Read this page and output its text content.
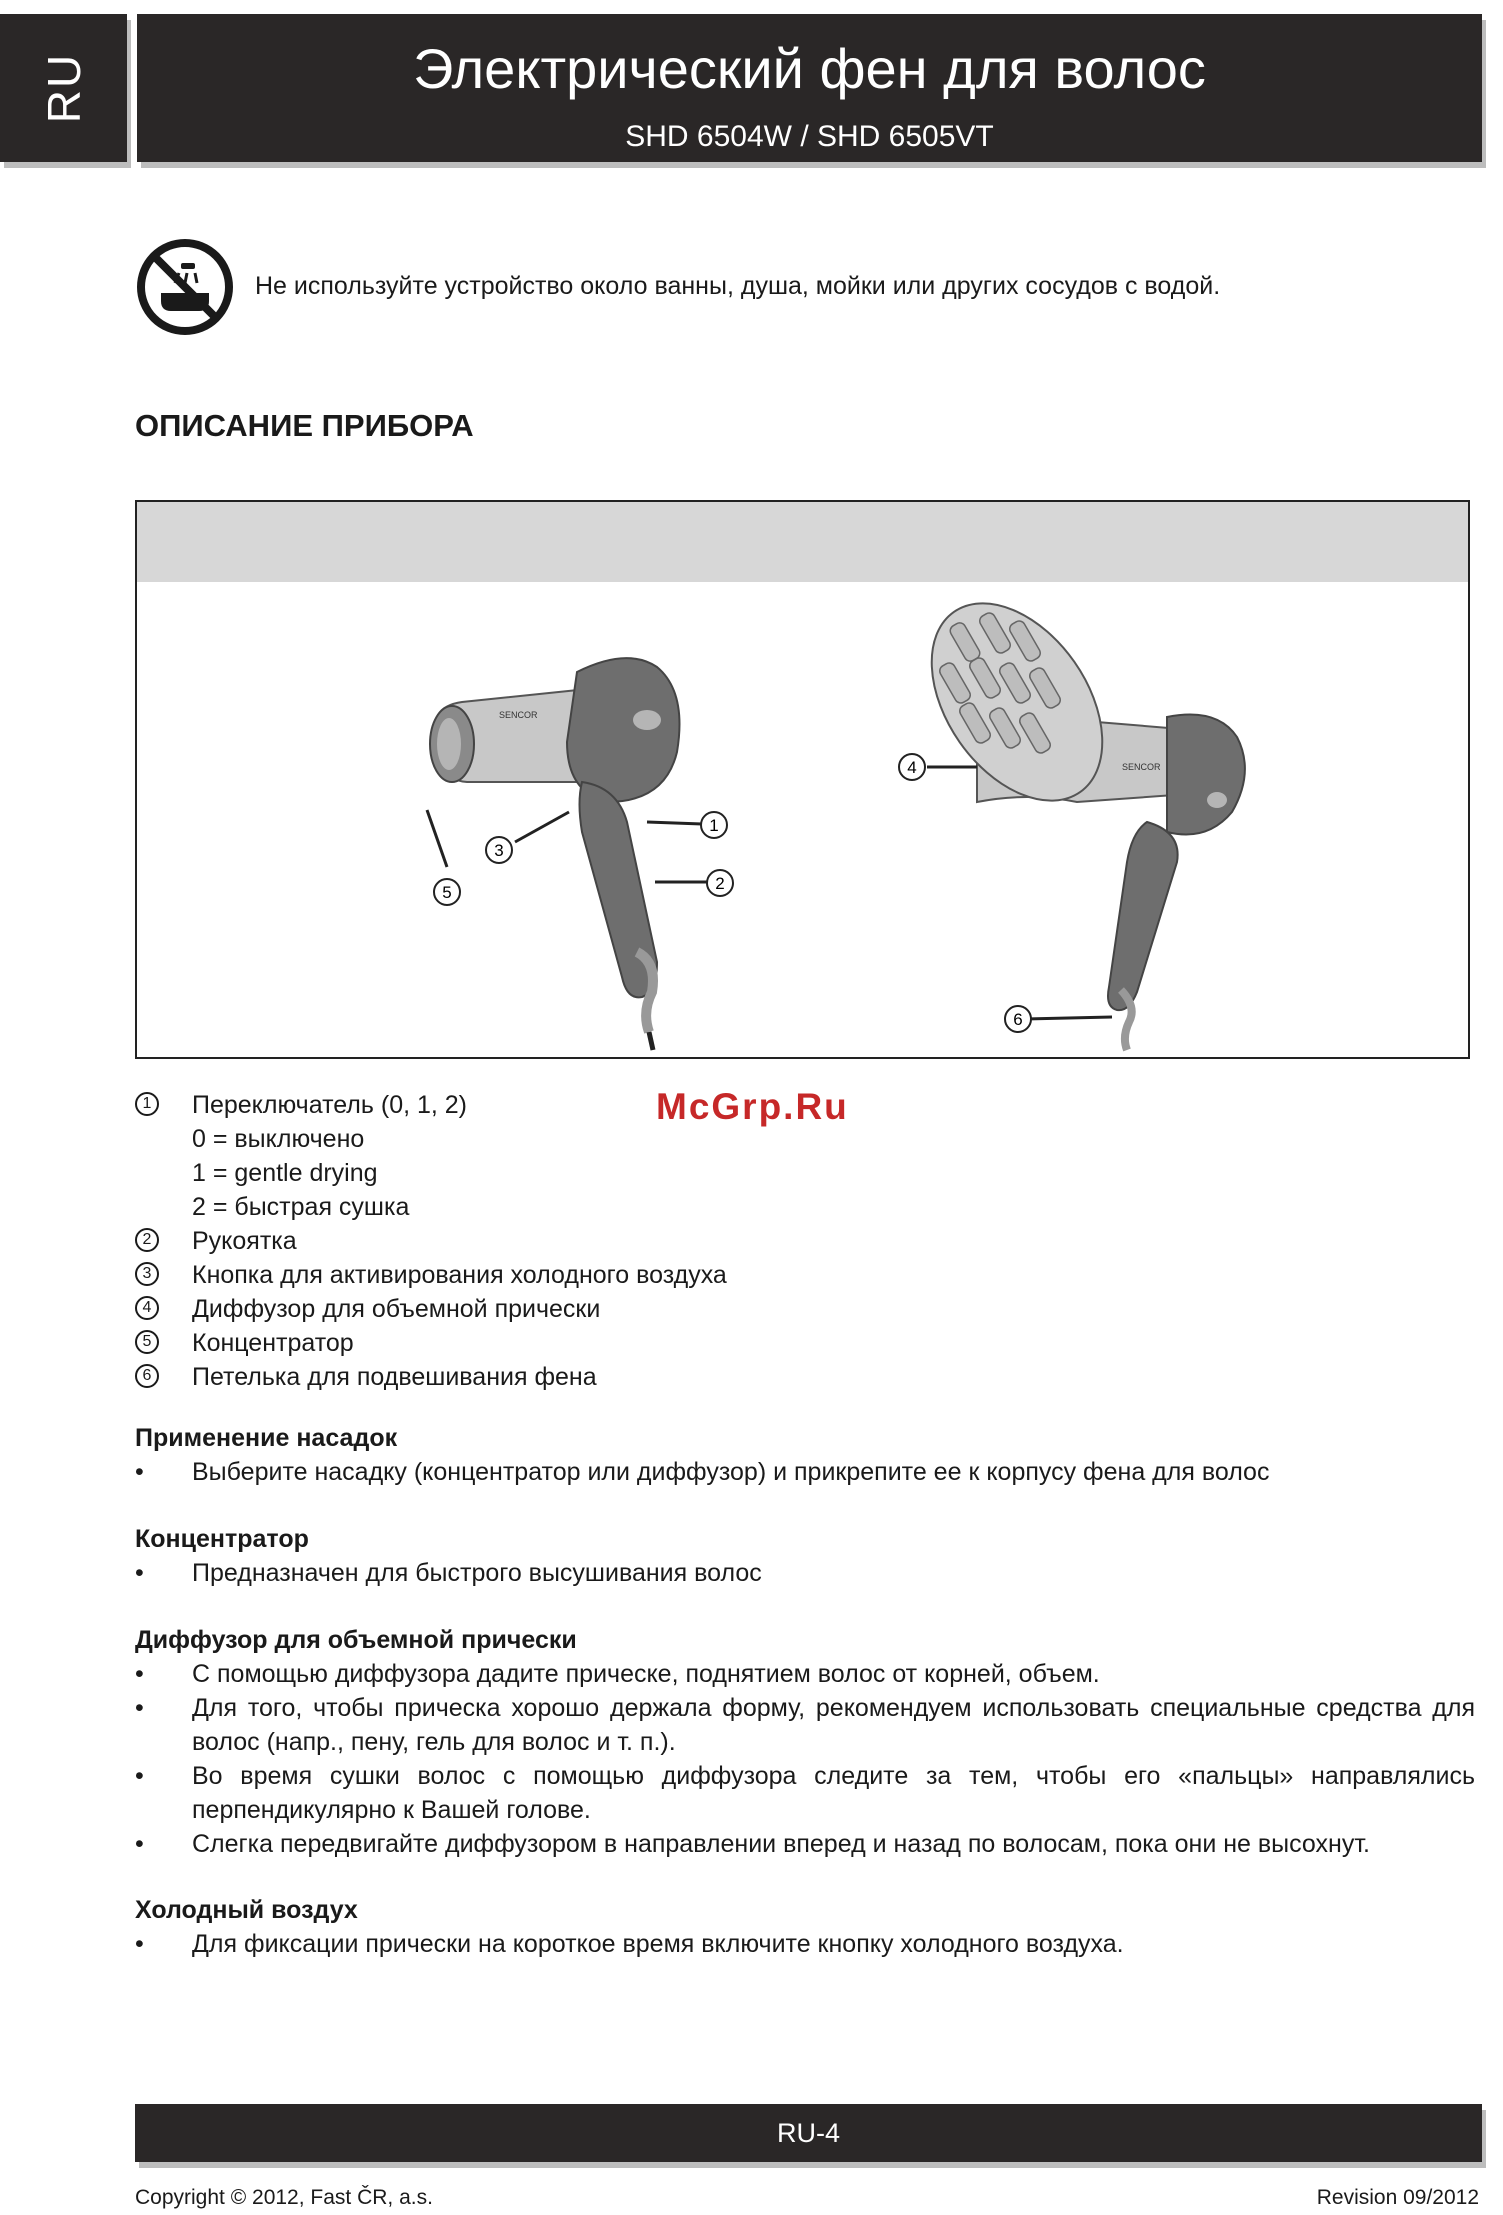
RU	Электрический фен для волос
SHD 6504W / SHD 6505VT
Не используйте устройство около ванны, душа, мойки или других сосудов с водой.
ОПИСАНИЕ ПРИБОРА
SENCOR
1
2
3
5
SENCOR
4
6
McGrp.Ru
1	Переключатель (0, 1, 2)
0 = выключено
1 = gentle drying
2 = быстрая сушка
2	Рукоятка
3	Кнопка для активирования холодного воздуха
4	Диффузор для объемной прически
5	Концентратор
6	Петелька для подвешивания фена
Применение насадок
•	Выберите насадку (концентратор или диффузор) и прикрепите ее к корпусу фена для волос
Концентратор
•	Предназначен для быстрого высушивания волос
Диффузор для объемной прически
•	С помощью диффузора дадите прическе, поднятием волос от корней, объем.
•	Для того, чтобы прическа хорошо держала форму, рекомендуем использовать специальные средства для волос (напр., пену, гель для волос и т. п.).
•	Во время сушки волос с помощью диффузора следите за тем, чтобы его «пальцы» направлялись перпендикулярно к Вашей голове.
•	Слегка передвигайте диффузором в направлении вперед и назад по волосам, пока они не высохнут.
Холодный воздух
•	Для фиксации прически на короткое время включите кнопку холодного воздуха.
RU-4
Copyright © 2012, Fast ČR, a.s.	Revision 09/2012
